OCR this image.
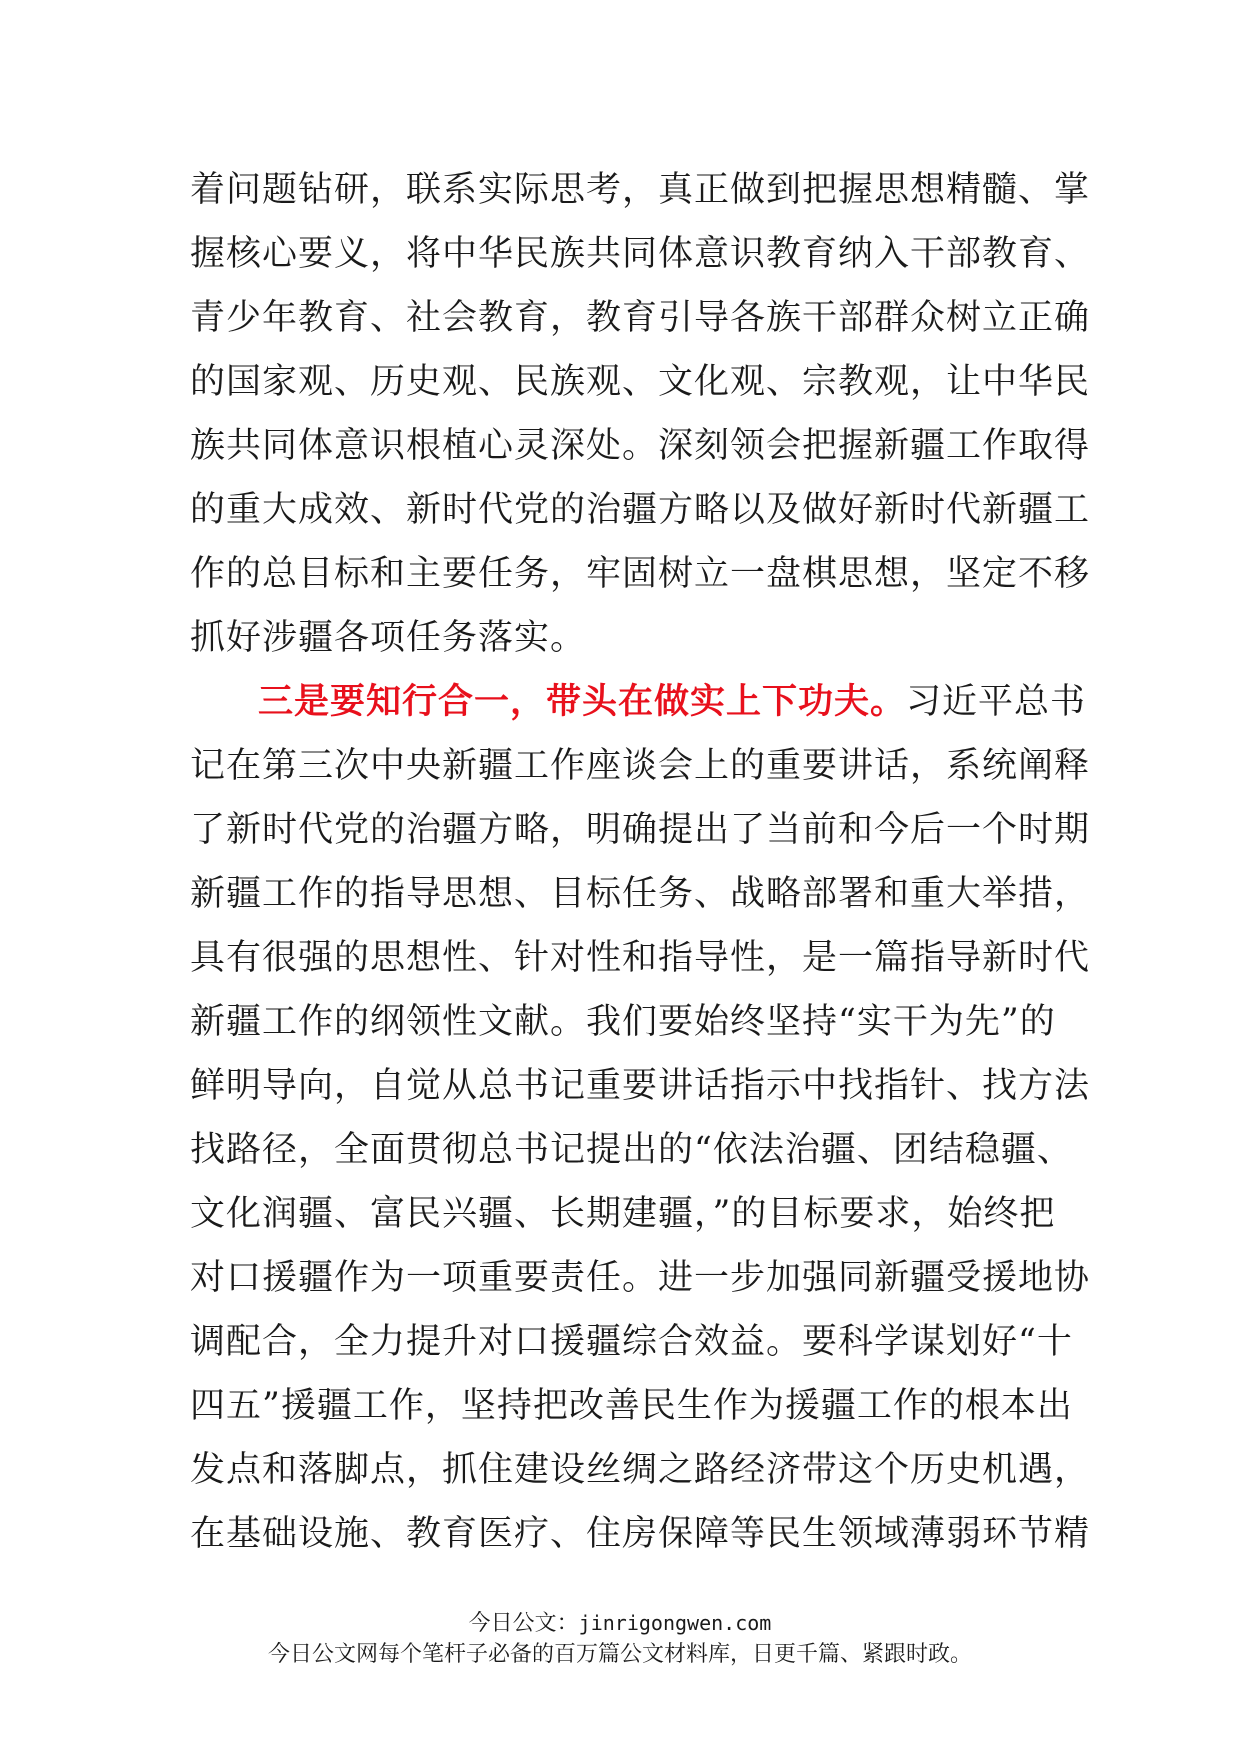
着问题钻研，联系实际思考，真正做到把握思想精髓、掌
握核心要义，将中华民族共同体意识教育纳入干部教育、
青少年教育、社会教育，教育引导各族干部群众树立正确
的国家观、历史观、民族观、文化观、宗教观，让中华民
族共同体意识根植心灵深处。深刻领会把握新疆工作取得
的重大成效、新时代党的治疆方略以及做好新时代新疆工
作的总目标和主要任务，牢固树立一盘棋思想，坚定不移
抓好涉疆各项任务落实。
三是要知行合一，带头在做实上下功夫。习近平总书
记在第三次中央新疆工作座谈会上的重要讲话，系统阐释
了新时代党的治疆方略，明确提出了当前和今后一个时期
新疆工作的指导思想、目标任务、战略部署和重大举措，
具有很强的思想性、针对性和指导性，是一篇指导新时代
新疆工作的纲领性文献。我们要始终坚持“实干为先”的
鲜明导向，自觉从总书记重要讲话指示中找指针、找方法
找路径，全面贯彻总书记提出的“依法治疆、团结稳疆、
文化润疆、富民兴疆、长期建疆，”的目标要求，始终把
对口援疆作为一项重要责任。进一步加强同新疆受援地协
调配合，全力提升对口援疆综合效益。要科学谋划好“十
四五”援疆工作，坚持把改善民生作为援疆工作的根本出
发点和落脚点，抓住建设丝绸之路经济带这个历史机遇，
在基础设施、教育医疗、住房保障等民生领域薄弱环节精
今日公文：jinrigongwen.com
今日公文网每个笔杆子必备的百万篇公文材料库，日更千篇、紧跟时政。
